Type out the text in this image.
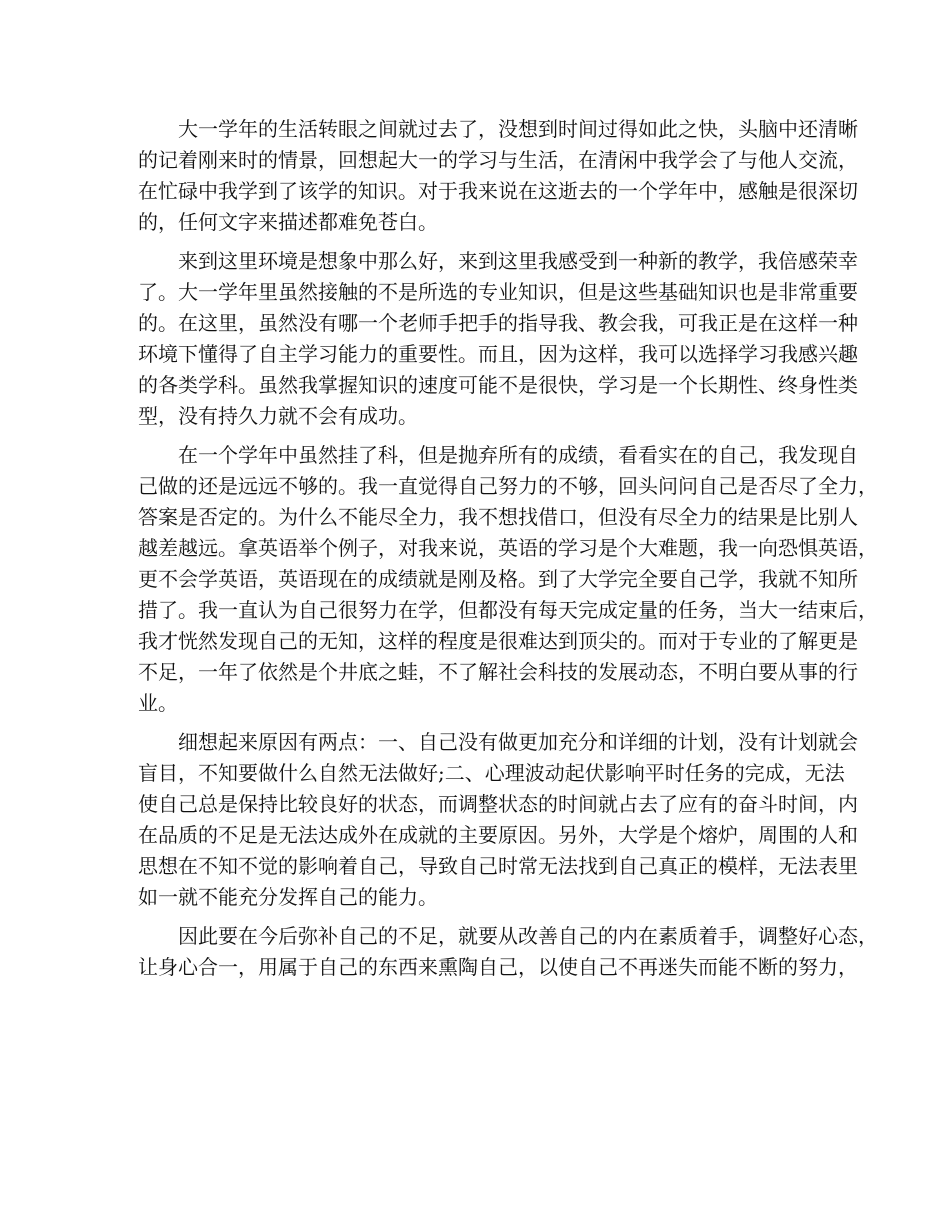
大一学年的生活转眼之间就过去了，没想到时间过得如此之快，头脑中还清晰
的记着刚来时的情景，回想起大一的学习与生活，在清闲中我学会了与他人交流，
在忙碌中我学到了该学的知识。对于我来说在这逝去的一个学年中，感触是很深切
的，任何文字来描述都难免苍白。
来到这里环境是想象中那么好，来到这里我感受到一种新的教学，我倍感荣幸
了。大一学年里虽然接触的不是所选的专业知识，但是这些基础知识也是非常重要
的。在这里，虽然没有哪一个老师手把手的指导我、教会我，可我正是在这样一种
环境下懂得了自主学习能力的重要性。而且，因为这样，我可以选择学习我感兴趣
的各类学科。虽然我掌握知识的速度可能不是很快，学习是一个长期性、终身性类
型，没有持久力就不会有成功。
在一个学年中虽然挂了科，但是抛弃所有的成绩，看看实在的自己，我发现自
己做的还是远远不够的。我一直觉得自己努力的不够，回头问问自己是否尽了全力，
答案是否定的。为什么不能尽全力，我不想找借口，但没有尽全力的结果是比别人
越差越远。拿英语举个例子，对我来说，英语的学习是个大难题，我一向恐惧英语，
更不会学英语，英语现在的成绩就是刚及格。到了大学完全要自己学，我就不知所
措了。我一直认为自己很努力在学，但都没有每天完成定量的任务，当大一结束后，
我才恍然发现自己的无知，这样的程度是很难达到顶尖的。而对于专业的了解更是
不足，一年了依然是个井底之蛙，不了解社会科技的发展动态，不明白要从事的行
业。
细想起来原因有两点：一、自己没有做更加充分和详细的计划，没有计划就会
盲目，不知要做什么自然无法做好;二、心理波动起伏影响平时任务的完成，无法
使自己总是保持比较良好的状态，而调整状态的时间就占去了应有的奋斗时间，内
在品质的不足是无法达成外在成就的主要原因。另外，大学是个熔炉，周围的人和
思想在不知不觉的影响着自己，导致自己时常无法找到自己真正的模样，无法表里
如一就不能充分发挥自己的能力。
因此要在今后弥补自己的不足，就要从改善自己的内在素质着手，调整好心态，
让身心合一，用属于自己的东西来熏陶自己，以使自己不再迷失而能不断的努力，
